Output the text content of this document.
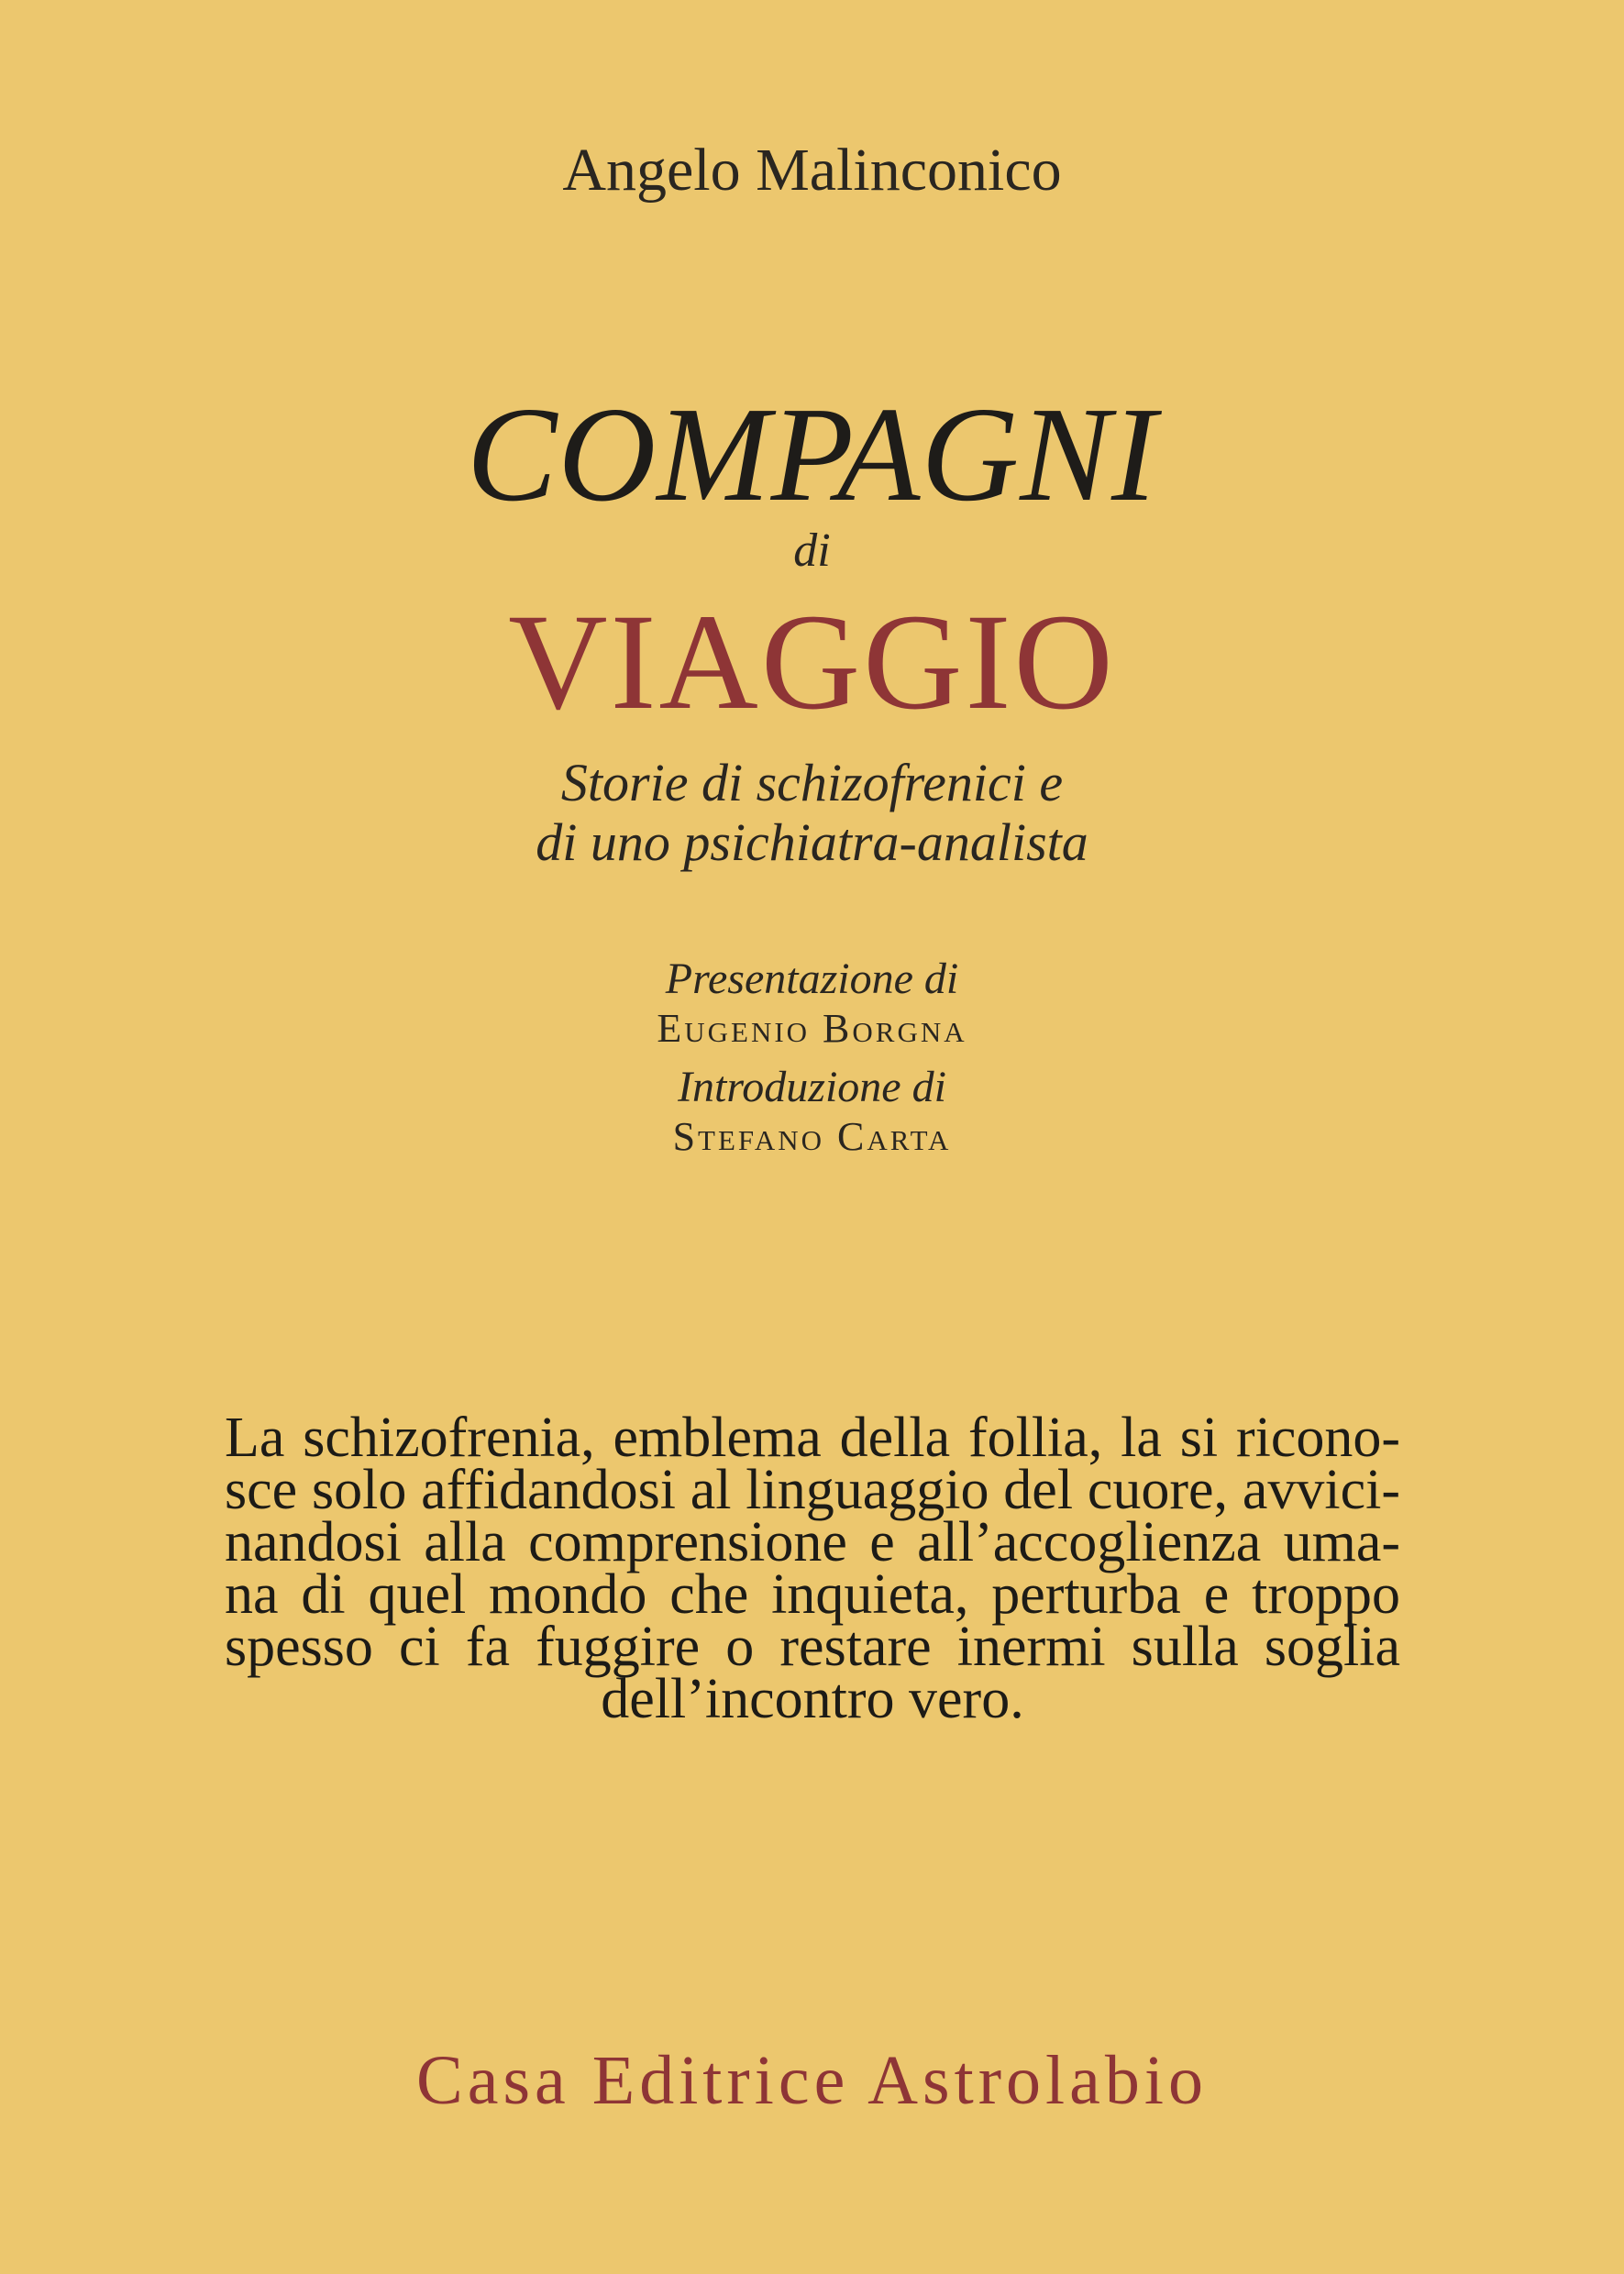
Angelo Malinconico
COMPAGNI
di
VIAGGIO
Storie di schizofrenici e
di uno psichiatra-analista
Presentazione di
Eugenio Borgna
Introduzione di
Stefano Carta
La schizofrenia, emblema della follia, la si ricono-
sce solo affidandosi al linguaggio del cuore, avvici-
nandosi alla comprensione e all’accoglienza uma-
na di quel mondo che inquieta, perturba e troppo
spesso ci fa fuggire o restare inermi sulla soglia
dell’incontro vero.
Casa Editrice Astrolabio
